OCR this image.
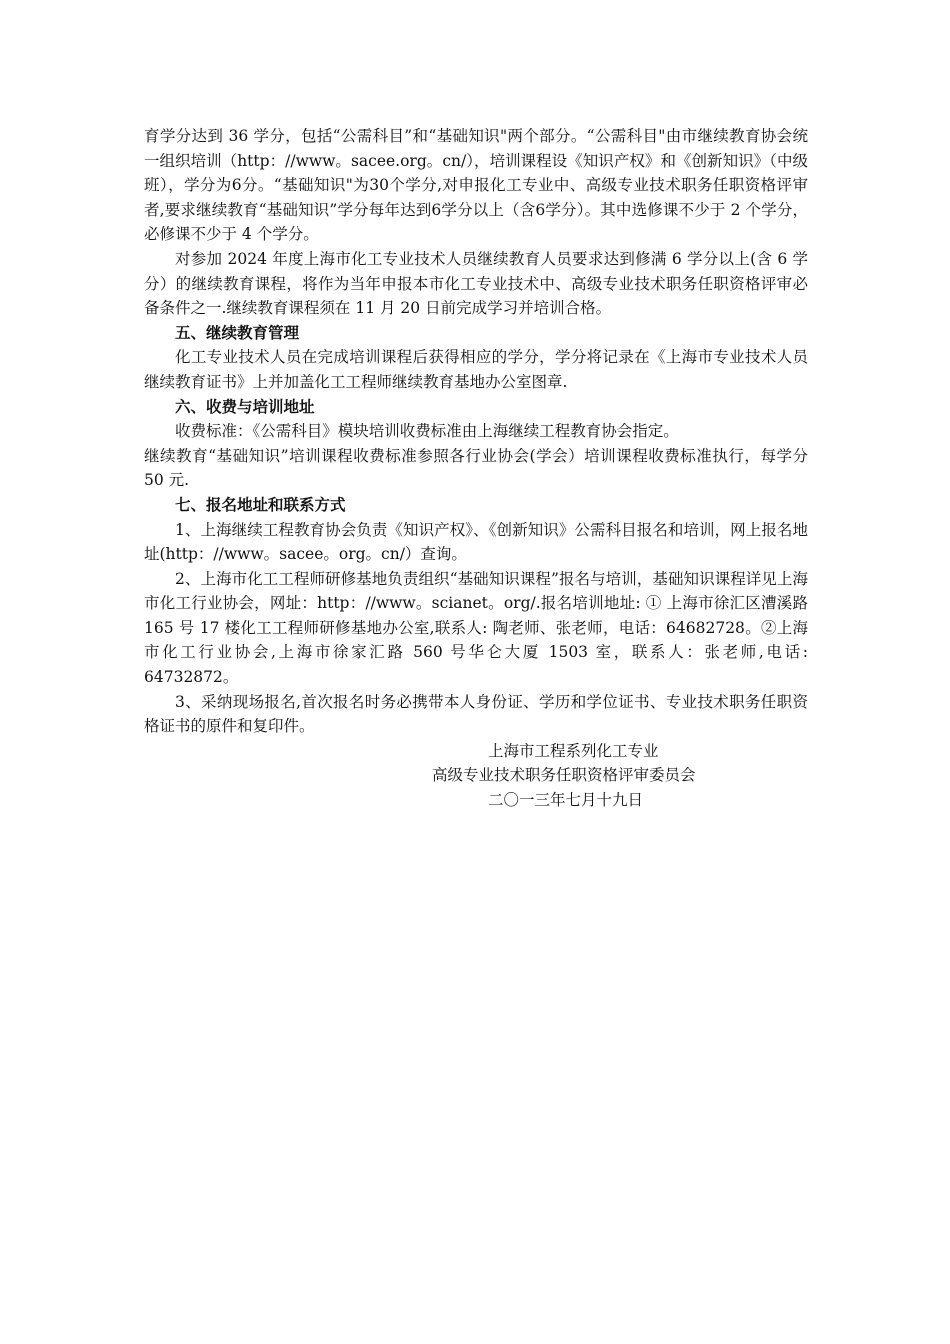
育学分达到 36 学分，包括“公需科目”和“基础知识"两个部分。“公需科目"由市继续教育协会统一组织培训（http：//www。sacee.org。cn/），培训课程设《知识产权》和《创新知识》（中级班），学分为6分。“基础知识"为30个学分,对申报化工专业中、高级专业技术职务任职资格评审者,要求继续教育“基础知识”学分每年达到6学分以上（含6学分）。其中选修课不少于 2 个学分，必修课不少于 4 个学分。

对参加 2024 年度上海市化工专业技术人员继续教育人员要求达到修满 6 学分以上(含 6 学分）的继续教育课程，将作为当年申报本市化工专业技术中、高级专业技术职务任职资格评审必备条件之一.继续教育课程须在 11 月 20 日前完成学习并培训合格。

五、继续教育管理

化工专业技术人员在完成培训课程后获得相应的学分，学分将记录在《上海市专业技术人员继续教育证书》上并加盖化工工程师继续教育基地办公室图章.

六、收费与培训地址

收费标准：《公需科目》模块培训收费标准由上海继续工程教育协会指定。

继续教育“基础知识”培训课程收费标准参照各行业协会(学会）培训课程收费标准执行，每学分 50 元.

七、报名地址和联系方式

1、上海继续工程教育协会负责《知识产权》、《创新知识》公需科目报名和培训，网上报名地址(http：//www。sacee。org。cn/）查询。

2、上海市化工工程师研修基地负责组织“基础知识课程”报名与培训，基础知识课程详见上海市化工行业协会，网址：http：//www。scianet。org/.报名培训地址: ① 上海市徐汇区漕溪路 165 号 17 楼化工工程师研修基地办公室,联系人: 陶老师、张老师，电话：64682728。②上海市化工行业协会,上海市徐家汇路 560 号华仑大厦 1503 室，联系人：张老师,电话: 64732872。

3、采纳现场报名,首次报名时务必携带本人身份证、学历和学位证书、专业技术职务任职资格证书的原件和复印件。

上海市工程系列化工专业

高级专业技术职务任职资格评审委员会

二〇一三年七月十九日
